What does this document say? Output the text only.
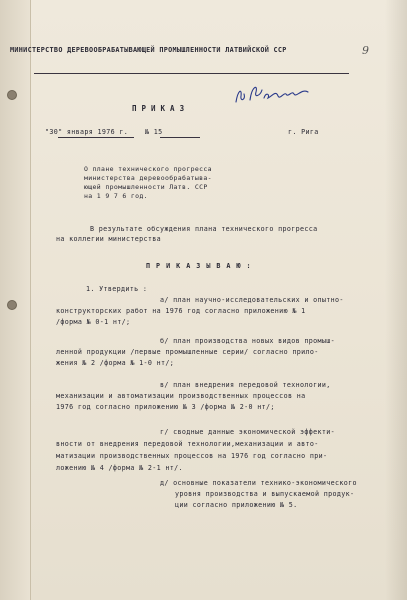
МИНИСТЕРСТВО ДЕРЕВООБРАБАТЫВАЮЩЕЙ ПРОМЫШЛЕННОСТИ ЛАТВИЙСКОЙ ССР	9
ПРИКАЗ
"30" января 1976 г.	№ 15	г. Рига
О плане технического прогресса
министерства деревообрабатыва-
ющей промышленности Латв. ССР
на 1 9 7 6 год.
В результате обсуждения плана технического прогресса
на коллегии министерства
П Р И К А З Ы В А Ю :
1. Утвердить :
а/ план научно-исследовательских и опытно-
конструкторских работ на 1976 год согласно приложению № 1
/форма № 0-1 нт/;
б/ план производства новых видов промыш-
ленной продукции /первые промышленные серии/ согласно прило-
жения № 2 /форма № 1-0 нт/;
в/ план внедрения передовой технологии,
механизации и автоматизации производственных процессов на
1976 год согласно приложению № 3 /форма № 2-0 нт/;
г/ сводные данные экономической эффекти-
вности от внедрения передовой технологии,механизации и авто-
матизации производственных процессов на 1976 год согласно при-
ложению № 4 /форма № 2-1 нт/.
д/ основные показатели технико-экономического
уровня производства и выпускаемой продук-
ции согласно приложению № 5.
